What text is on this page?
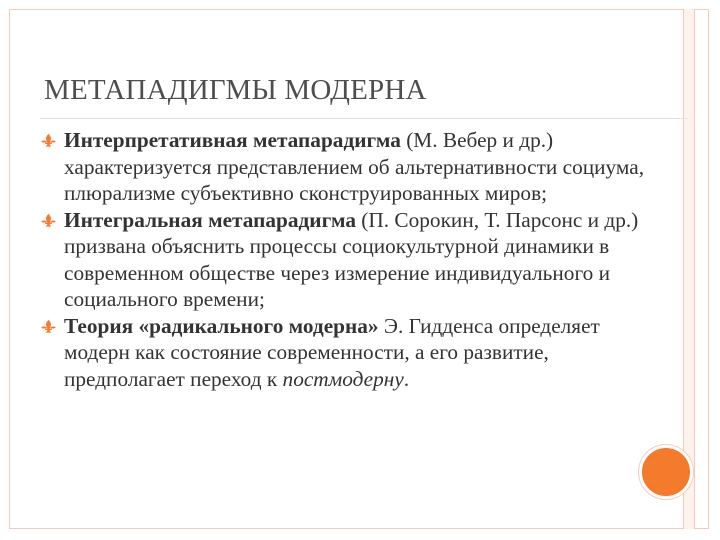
МЕТАПАДИГМЫ МОДЕРНА
Интерпретативная метапарадигма (М. Вебер и др.) характеризуется представлением об альтернативности социума, плюрализме субъективно сконструированных миров;
Интегральная метапарадигма (П. Сорокин, Т. Парсонс и др.) призвана объяснить процессы социокультурной динамики в современном обществе через измерение индивидуального и социального времени;
Теория «радикального модерна» Э. Гидденса определяет модерн как состояние современности, а его развитие, предполагает переход к постмодерну.
